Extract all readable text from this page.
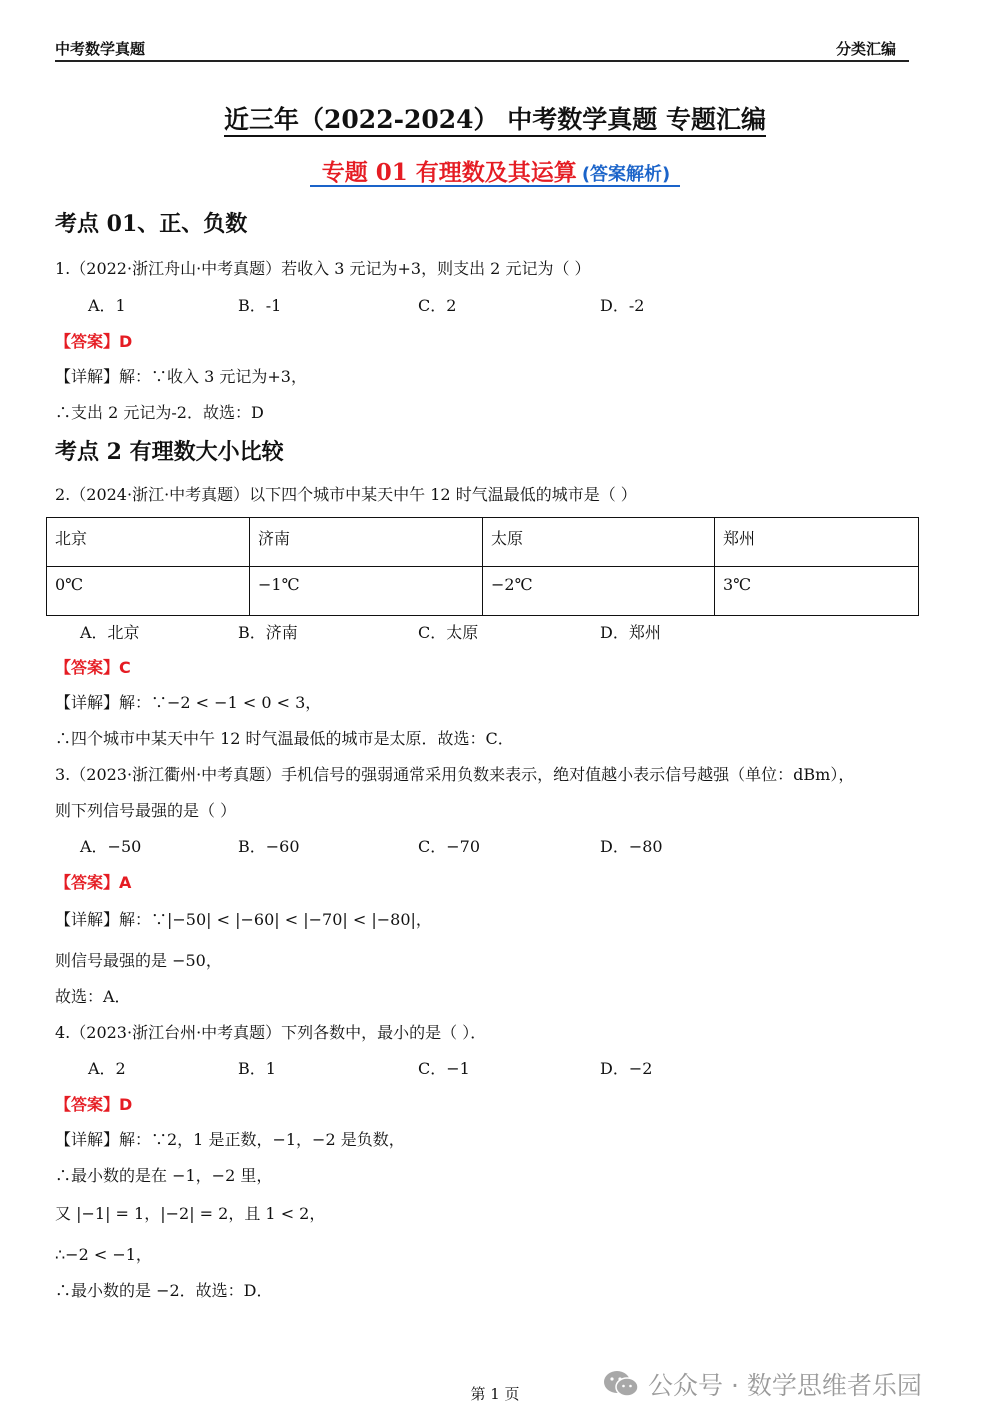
中考数学真题	分类汇编
近三年（2022-2024） 中考数学真题 专题汇编
专题 01 有理数及其运算 (答案解析)
考点 01、正、负数
1.（2022·浙江舟山·中考真题）若收入 3 元记为+3，则支出 2 元记为（ ）
A．1	B．-1	C．2	D．-2
【答案】D
【详解】解：∵收入 3 元记为+3，
∴支出 2 元记为-2．故选：D
考点 2 有理数大小比较
2.（2024·浙江·中考真题）以下四个城市中某天中午 12 时气温最低的城市是（ ）
北京	济南	太原	郑州
0℃	−1℃	−2℃	3℃
A．北京	B．济南	C．太原	D．郑州
【答案】C
【详解】解：∵−2 < −1 < 0 < 3，
∴四个城市中某天中午 12 时气温最低的城市是太原．故选：C．
3.（2023·浙江衢州·中考真题）手机信号的强弱通常采用负数来表示，绝对值越小表示信号越强（单位：dBm），
则下列信号最强的是（ ）
A．−50	B．−60	C．−70	D．−80
【答案】A
【详解】解：∵|−50| < |−60| < |−70| < |−80|，
则信号最强的是 −50，
故选：A．
4.（2023·浙江台州·中考真题）下列各数中，最小的是（ ）．
A．2	B．1	C．−1	D．−2
【答案】D
【详解】解：∵2，1 是正数，−1，−2 是负数，
∴最小数的是在 −1，−2 里，
又 |−1| = 1，|−2| = 2，且 1 < 2，
∴−2 < −1，
∴最小数的是 −2．故选：D．
第 1 页	公众号 · 数学思维者乐园
